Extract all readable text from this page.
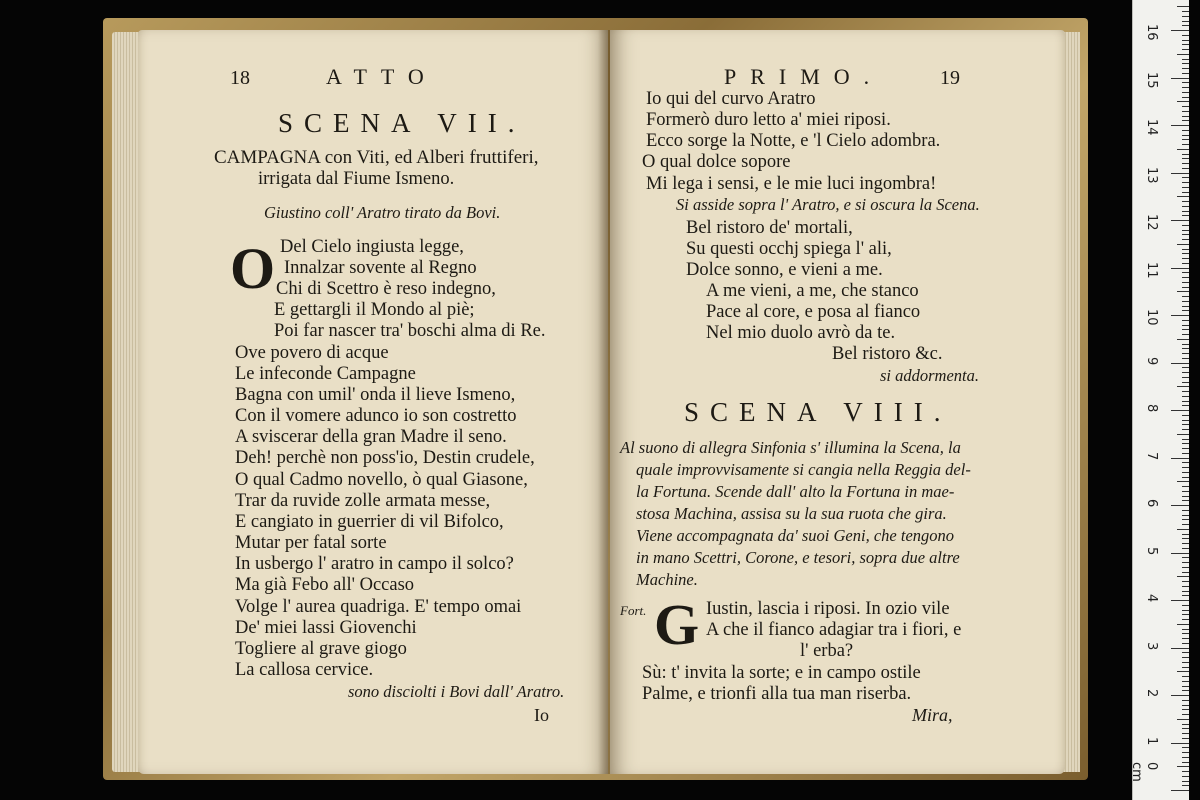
18	ATTO
SCENA VII.
CAMPAGNA con Viti, ed Alberi fruttiferi,
irrigata dal Fiume Ismeno.
Giustino coll' Aratro tirato da Bovi.
O Del Cielo ingiusta legge,
Innalzar sovente al Regno
Chi di Scettro è reso indegno,
E gettargli il Mondo al piè;
Poi far nascer tra' boschi alma di Re.
Ove povero di acque
Le infeconde Campagne
Bagna con umil' onda il lieve Ismeno,
Con il vomere adunco io son costretto
A sviscerar della gran Madre il seno.
Deh! perchè non poss'io, Destin crudele,
O qual Cadmo novello, ò qual Giasone,
Trar da ruvide zolle armata messe,
E cangiato in guerrier di vil Bifolco,
Mutar per fatal sorte
In usbergo l' aratro in campo il solco?
Ma già Febo all' Occaso
Volge l' aurea quadriga. E' tempo omai
De' miei lassi Giovenchi
Togliere al grave giogo
La callosa cervice.
sono disciolti i Bovi dall' Aratro.
Io
PRIMO.	19
Io qui del curvo Aratro
Formerò duro letto a' miei riposi.
Ecco sorge la Notte, e 'l Cielo adombra.
O qual dolce sopore
Mi lega i sensi, e le mie luci ingombra!
Si asside sopra l' Aratro, e si oscura la Scena.
Bel ristoro de' mortali,
Su questi occhj spiega l' ali,
Dolce sonno, e vieni a me.
A me vieni, a me, che stanco
Pace al core, e posa al fianco
Nel mio duolo avrò da te.
Bel ristoro &c.
si addormenta.
SCENA VIII.
Al suono di allegra Sinfonia s' illumina la Scena, la
quale improvvisamente si cangia nella Reggia del-
la Fortuna. Scende dall' alto la Fortuna in mae-
stosa Machina, assisa su la sua ruota che gira.
Viene accompagnata da' suoi Geni, che tengono
in mano Scettri, Corone, e tesori, sopra due altre
Machine.
Fort. G Iustin, lascia i riposi. In ozio vile
A che il fianco adagiar tra i fiori, e
l' erba?
Sù: t' invita la sorte; e in campo ostile
Palme, e trionfi alla tua man riserba.
Mira,
0 cm
1
2
3
4
5
6
7
8
9
10
11
12
13
14
15
16
